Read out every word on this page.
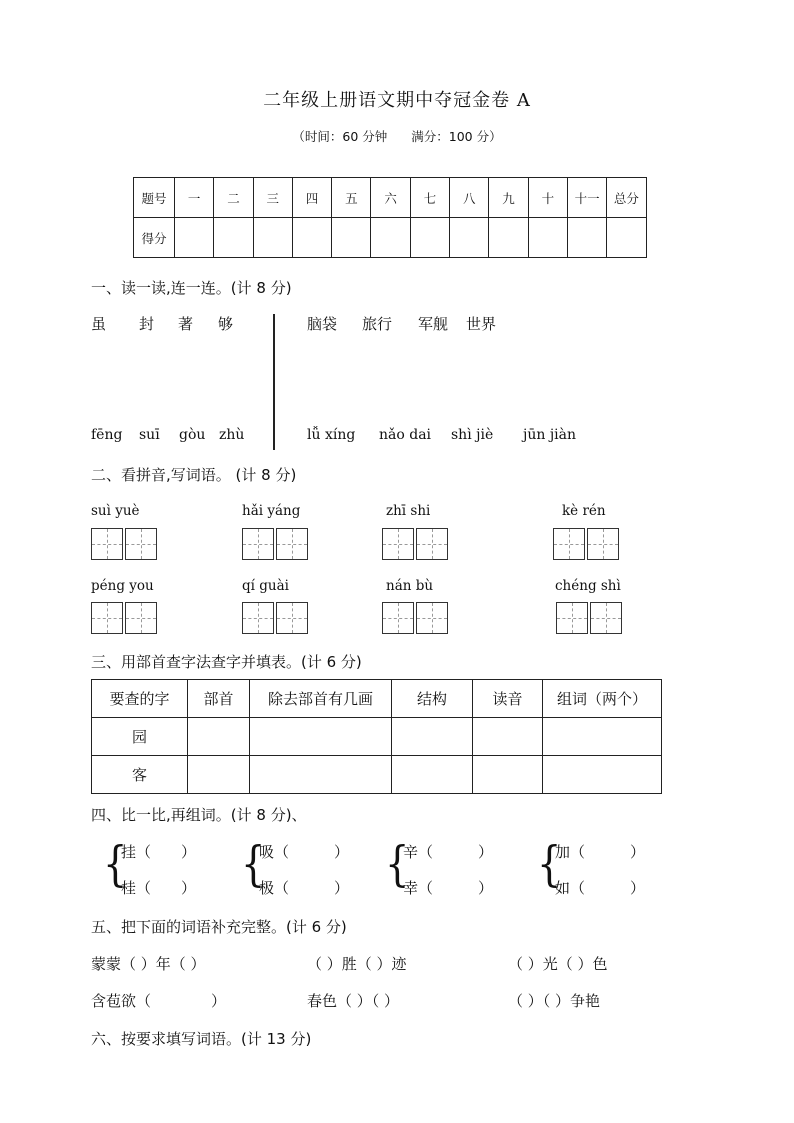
二年级上册语文期中夺冠金卷 A
（时间：60 分钟 满分：100 分）
题号	一	二	三	四	五	六	七	八	九	十	十一	总分
得分												
一、读一读,连一连。(计 8 分)
虽 封 著 够	脑袋 旅行 军舰 世界
fēng suī gòu zhù	lǚ xíng nǎo dai shì jiè jūn jiàn
二、看拼音,写词语。 (计 8 分)
suì yuè	hǎi yáng	zhī shi	kè rén
péng you	qí guài	nán bù	chéng shì
三、用部首查字法查字并填表。(计 6 分)
要查的字	部首	除去部首有几画	结构	读音	组词（两个）
园					
客					
四、比一比,再组词。(计 8 分)、
{
挂（　　）
桂（　　） {
吸（　　　）
极（　　　） {
辛（　　　）
幸（　　　） {
加（　　　）
如（　　　）
五、把下面的词语补充完整。(计 6 分)
蒙蒙（ ）年（ ）	（ ）胜（ ）迹	（ ）光（ ）色
含苞欲（　　　　）	春色（ ）（ ）	（ ）（ ）争艳
六、按要求填写词语。(计 13 分)
